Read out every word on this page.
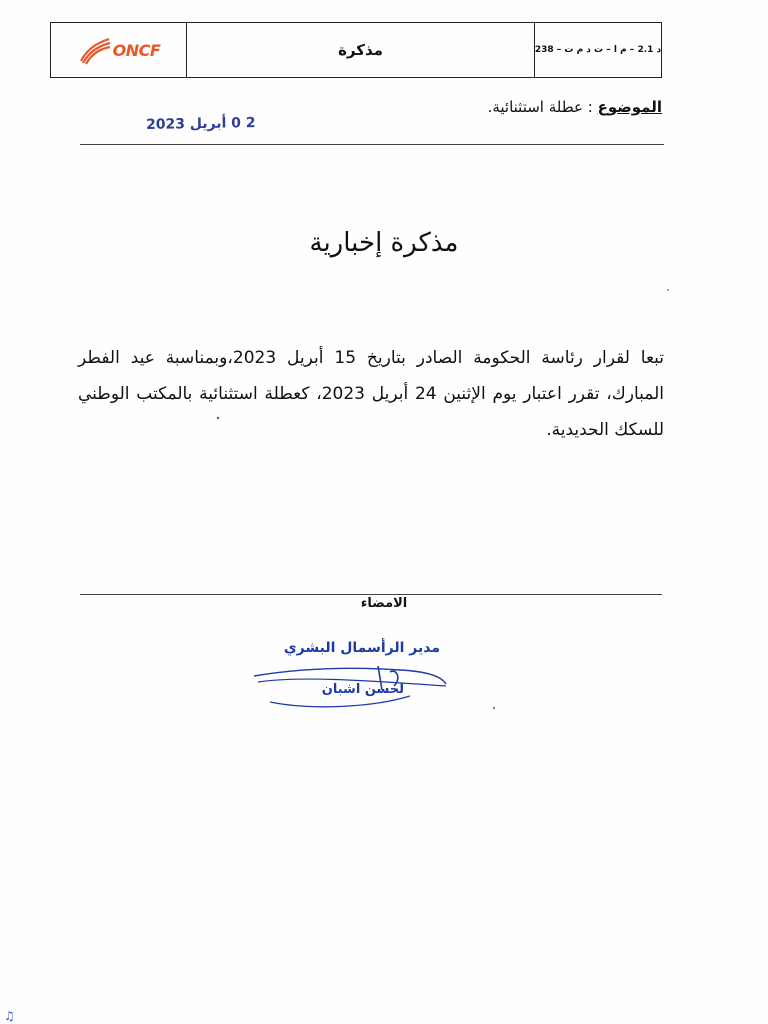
ONCF	مذكرة	د 2.1 – م ا – ت د م ت – 238
الموضوع : عطلة استثنائية.
2 0 أبريل 2023
مذكرة إخبارية

تبعا لقرار رئاسة الحكومة الصادر بتاريخ 15 أبريل 2023،وبمناسبة عيد الفطر المبارك، تقرر اعتبار يوم الإثنين 24 أبريل 2023، كعطلة استثنائية بالمكتب الوطني للسكك الحديدية.

الامضاء
مدير الرأسمال البشري
لحسن اشبان
♫
